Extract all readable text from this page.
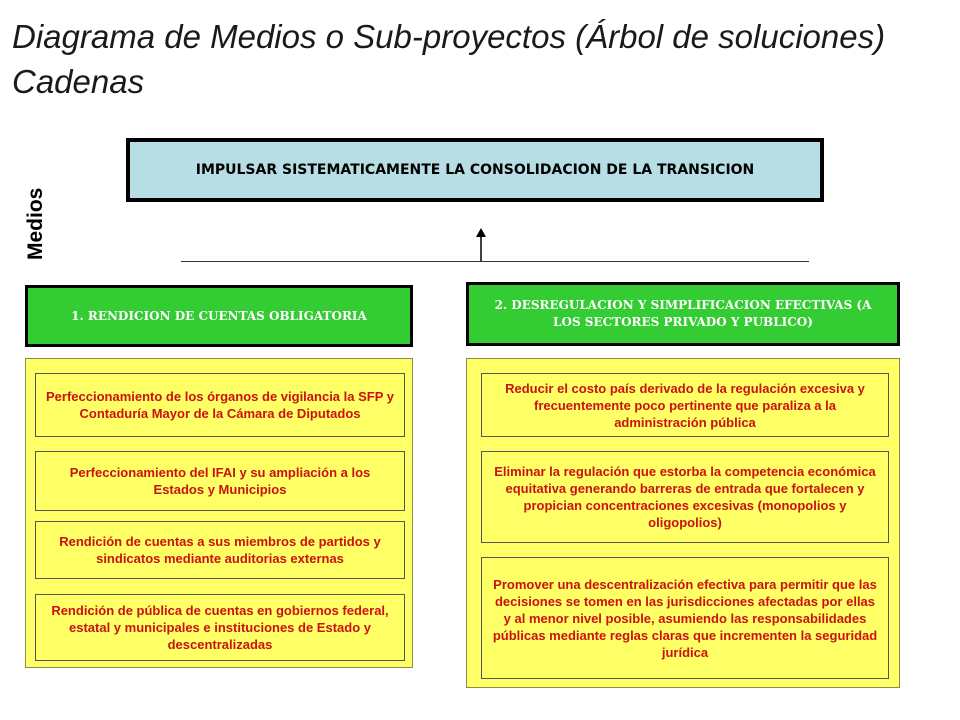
Diagrama de Medios o Sub-proyectos (Árbol de soluciones) Cadenas
Medios
IMPULSAR SISTEMATICAMENTE LA CONSOLIDACION DE LA TRANSICION
1. RENDICION DE CUENTAS OBLIGATORIA
2. DESREGULACION Y SIMPLIFICACION EFECTIVAS (A LOS SECTORES PRIVADO Y PUBLICO)
Perfeccionamiento de los órganos de vigilancia la SFP y Contaduría Mayor de la Cámara de Diputados
Perfeccionamiento del IFAI y su ampliación a los Estados y Municipios
Rendición de cuentas a sus miembros de partidos y sindicatos mediante auditorias externas
Rendición de pública de cuentas en gobiernos federal, estatal y municipales e instituciones de Estado y descentralizadas
Reducir el costo país derivado de la regulación excesiva y frecuentemente poco pertinente que paraliza a la administración pública
Eliminar la regulación que estorba la competencia económica equitativa generando barreras de entrada que fortalecen y propician concentraciones excesivas (monopolios y oligopolios)
Promover una descentralización efectiva para permitir que las decisiones se tomen en las jurisdicciones afectadas por ellas y al menor nivel posible, asumiendo las responsabilidades públicas mediante reglas claras que incrementen la seguridad jurídica
